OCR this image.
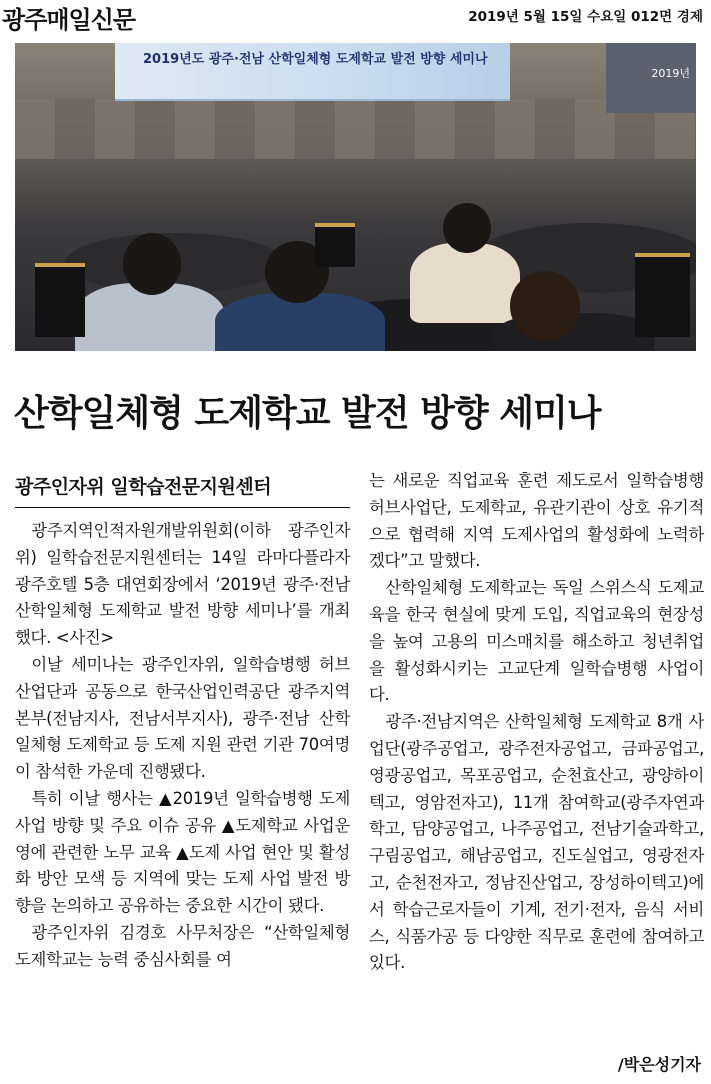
광주매일신문	2019년 5월 15일 수요일 012면 경제
2019년도 광주·전남 산학일체형 도제학교 발전 방향 세미나
2019년
산학일체형 도제학교 발전 방향 세미나
광주인자위 일학습전문지원센터

광주지역인적자원개발위원회(이하 광주인자위) 일학습전문지원센터는 14일 라마다플라자 광주호텔 5층 대연회장에서 ‘2019년 광주·전남 산학일체형 도제학교 발전 방향 세미나’를 개최했다. <사진>

이날 세미나는 광주인자위, 일학습병행 허브산업단과 공동으로 한국산업인력공단 광주지역본부(전남지사, 전남서부지사), 광주·전남 산학일체형 도제학교 등 도제 지원 관련 기관 70여명이 참석한 가운데 진행됐다.

특히 이날 행사는 ▲2019년 일학습병행 도제사업 방향 및 주요 이슈 공유 ▲도제학교 사업운영에 관련한 노무 교육 ▲도제 사업 현안 및 활성화 방안 모색 등 지역에 맞는 도제 사업 발전 방향을 논의하고 공유하는 중요한 시간이 됐다.

광주인자위 김경호 사무처장은 “산학일체형 도제학교는 능력 중심사회를 여

는 새로운 직업교육 훈련 제도로서 일학습병행 허브사업단, 도제학교, 유관기관이 상호 유기적으로 협력해 지역 도제사업의 활성화에 노력하겠다”고 말했다.

산학일체형 도제학교는 독일 스위스식 도제교육을 한국 현실에 맞게 도입, 직업교육의 현장성을 높여 고용의 미스매치를 해소하고 청년취업을 활성화시키는 고교단계 일학습병행 사업이다.

광주·전남지역은 산학일체형 도제학교 8개 사업단(광주공업고, 광주전자공업고, 금파공업고, 영광공업고, 목포공업고, 순천효산고, 광양하이텍고, 영암전자고), 11개 참여학교(광주자연과학고, 담양공업고, 나주공업고, 전남기술과학고, 구림공업고, 해남공업고, 진도실업고, 영광전자고, 순천전자고, 정남진산업고, 장성하이텍고)에서 학습근로자들이 기계, 전기·전자, 음식 서비스, 식품가공 등 다양한 직무로 훈련에 참여하고 있다.

/박은성기자
